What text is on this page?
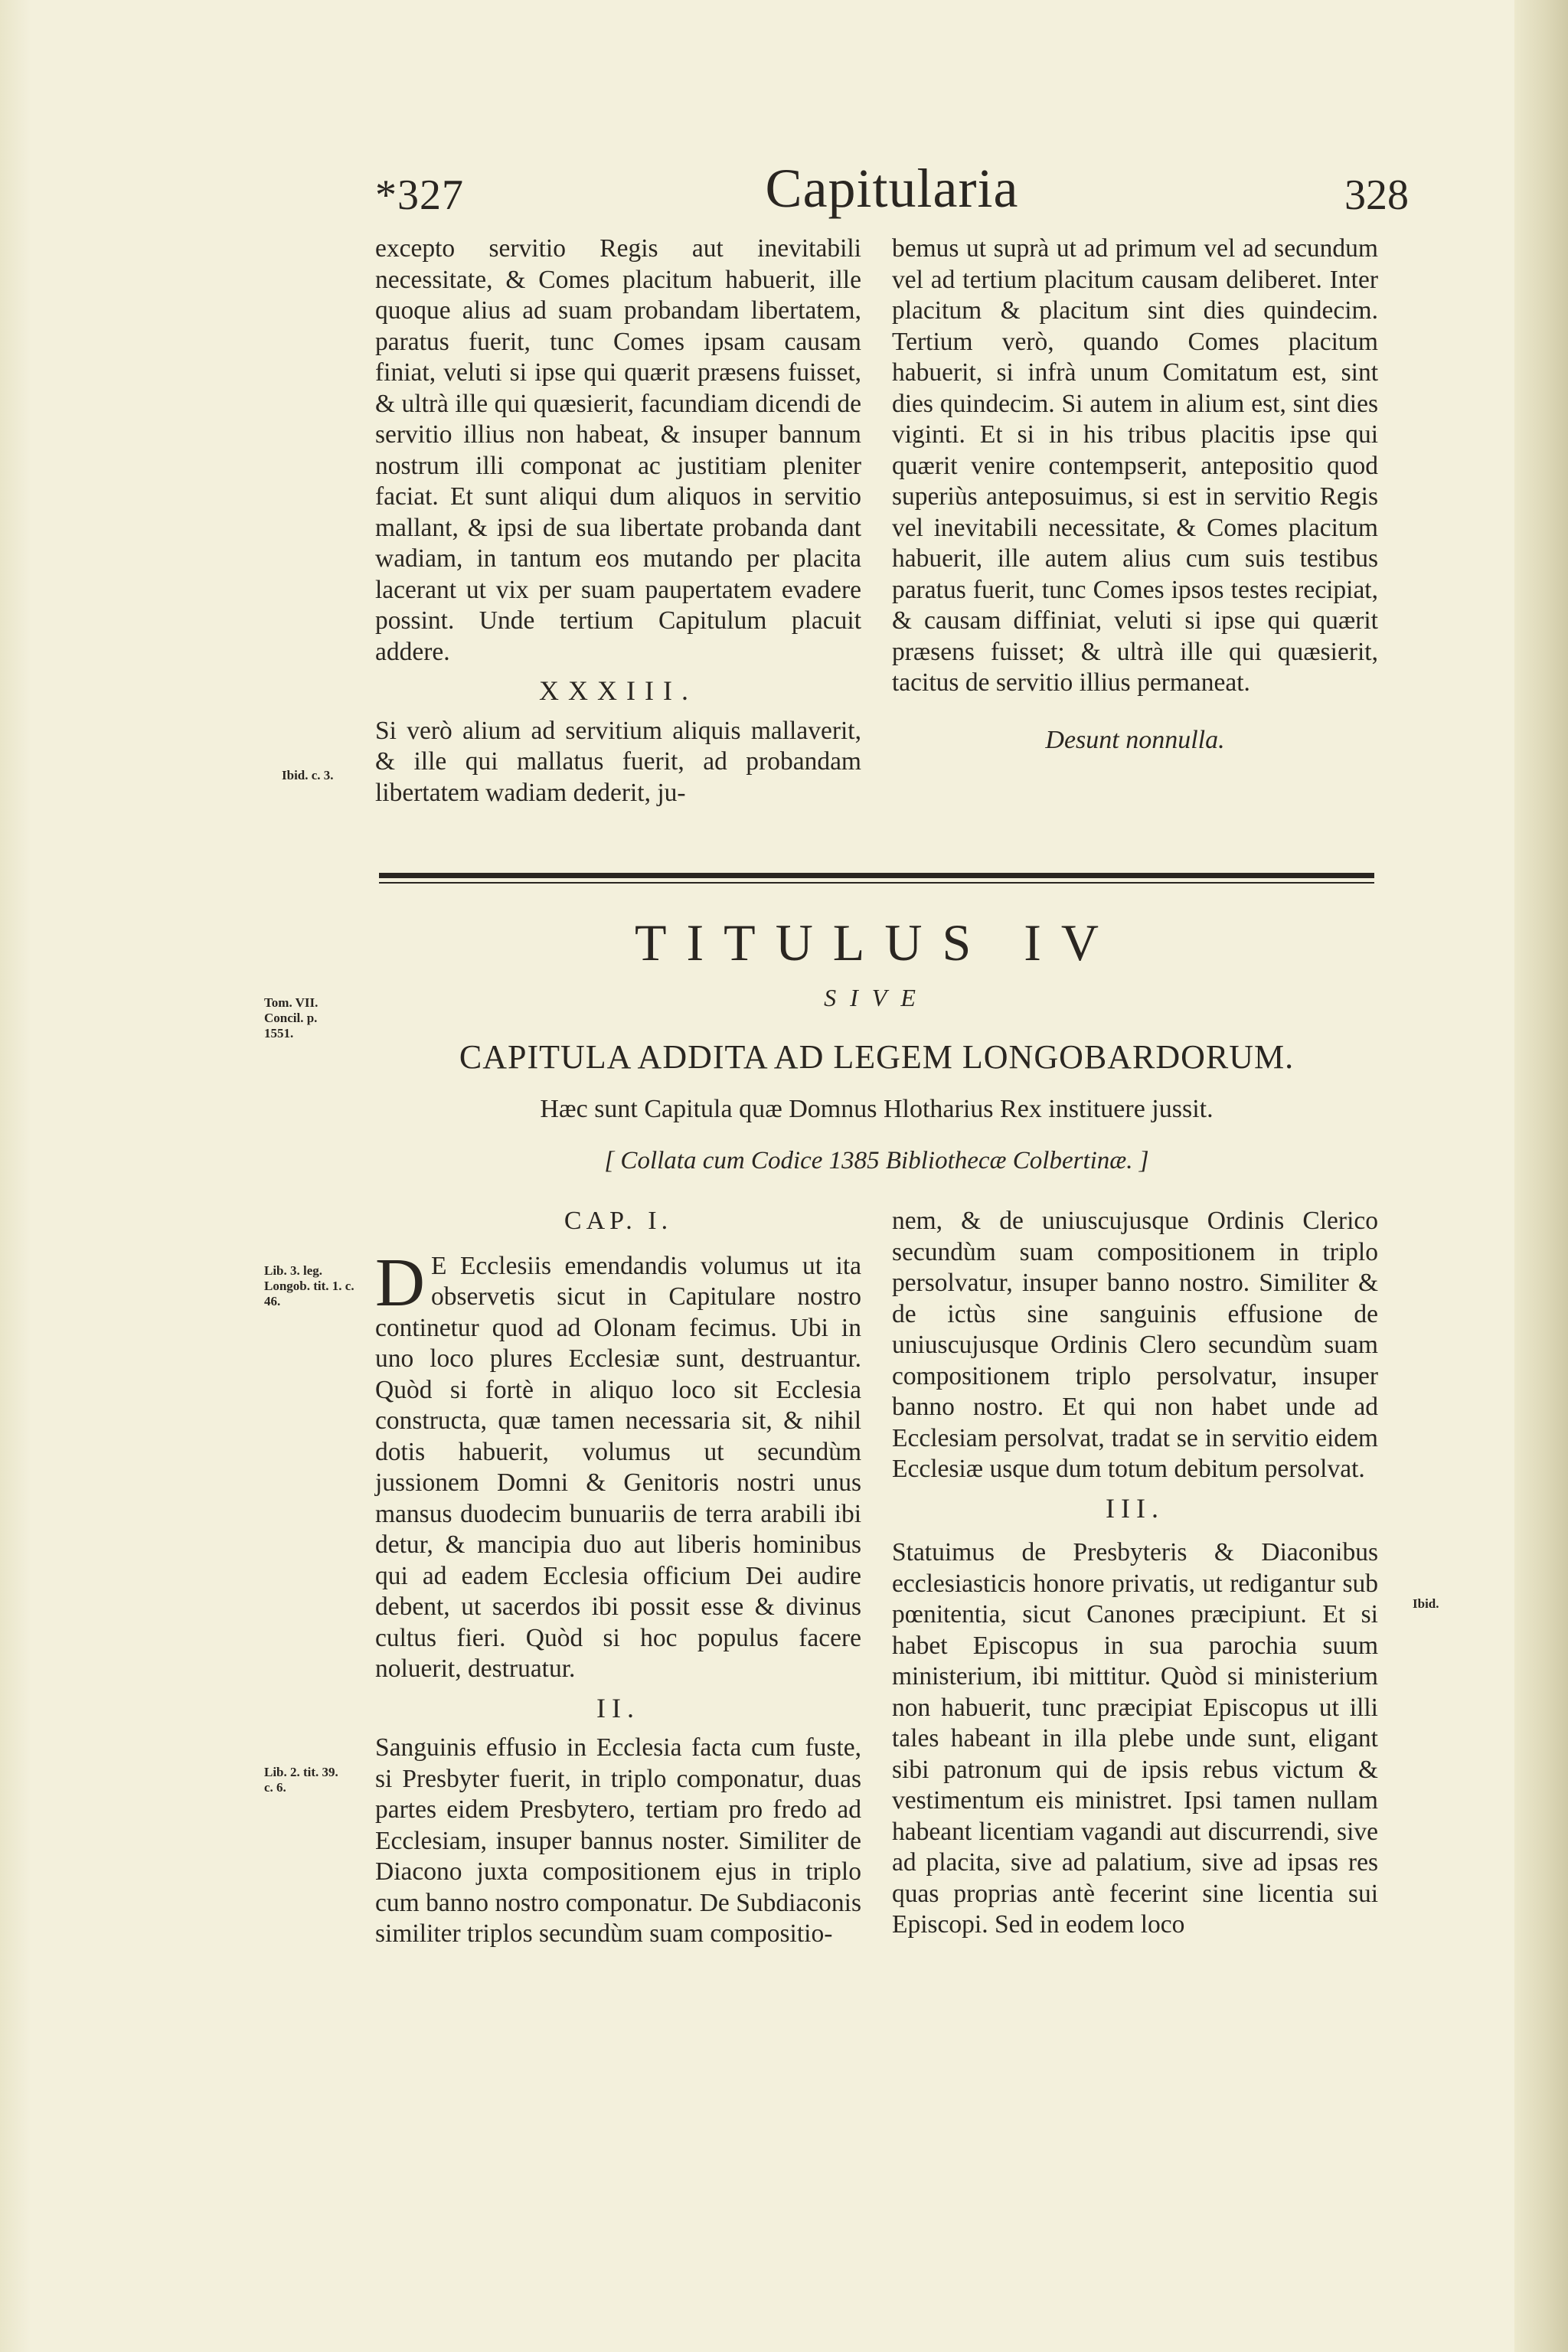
*327	Capitularia	328

excepto servitio Regis aut inevitabili necessitate, & Comes placitum habuerit, ille quoque alius ad suam probandam libertatem, paratus fuerit, tunc Comes ipsam causam finiat, veluti si ipse qui quærit præsens fuisset, & ultrà ille qui quæsierit, facundiam dicendi de servitio illius non habeat, & insuper bannum nostrum illi componat ac justitiam pleniter faciat. Et sunt aliqui dum aliquos in servitio mallant, & ipsi de sua libertate probanda dant wadiam, in tantum eos mutando per placita lacerant ut vix per suam paupertatem evadere possint. Unde tertium Capitulum placuit addere.

XXXIII.

Si verò alium ad servitium aliquis mallaverit, & ille qui mallatus fuerit, ad probandam libertatem wadiam dederit, ju-

bemus ut suprà ut ad primum vel ad secundum vel ad tertium placitum causam deliberet. Inter placitum & placitum sint dies quindecim. Tertium verò, quando Comes placitum habuerit, si infrà unum Comitatum est, sint dies quindecim. Si autem in alium est, sint dies viginti. Et si in his tribus placitis ipse qui quærit venire contempserit, antepositio quod superiùs anteposuimus, si est in servitio Regis vel inevitabili necessitate, & Comes placitum habuerit, ille autem alius cum suis testibus paratus fuerit, tunc Comes ipsos testes recipiat, & causam diffiniat, veluti si ipse qui quærit præsens fuisset; & ultrà ille qui quæsierit, tacitus de servitio illius permaneat.

Desunt nonnulla.
TITULUS IV
SIVE
CAPITULA ADDITA AD LEGEM LONGOBARDORUM.
Hæc sunt Capitula quæ Domnus Hlotharius Rex instituere jussit.
[ Collata cum Codice 1385 Bibliothecæ Colbertinæ. ]
CAP. I.

D E Ecclesiis emendandis volumus ut ita observetis sicut in Capitulare nostro continetur quod ad Olonam fecimus. Ubi in uno loco plures Ecclesiæ sunt, destruantur. Quòd si fortè in aliquo loco sit Ecclesia constructa, quæ tamen necessaria sit, & nihil dotis habuerit, volumus ut secundùm jussionem Domni & Genitoris nostri unus mansus duodecim bunuariis de terra arabili ibi detur, & mancipia duo aut liberis hominibus qui ad eadem Ecclesia officium Dei audire debent, ut sacerdos ibi possit esse & divinus cultus fieri. Quòd si hoc populus facere noluerit, destruatur.

II.

Sanguinis effusio in Ecclesia facta cum fuste, si Presbyter fuerit, in triplo componatur, duas partes eidem Presbytero, tertiam pro fredo ad Ecclesiam, insuper bannus noster. Similiter de Diacono juxta compositionem ejus in triplo cum banno nostro componatur. De Subdiaconis similiter triplos secundùm suam compositio-

nem, & de uniuscujusque Ordinis Clerico secundùm suam compositionem in triplo persolvatur, insuper banno nostro. Similiter & de ictùs sine sanguinis effusione de uniuscujusque Ordinis Clero secundùm suam compositionem triplo persolvatur, insuper banno nostro. Et qui non habet unde ad Ecclesiam persolvat, tradat se in servitio eidem Ecclesiæ usque dum totum debitum persolvat.

III.

Statuimus de Presbyteris & Diaconibus ecclesiasticis honore privatis, ut redigantur sub pœnitentia, sicut Canones præcipiunt. Et si habet Episcopus in sua parochia suum ministerium, ibi mittitur. Quòd si ministerium non habuerit, tunc præcipiat Episcopus ut illi tales habeant in illa plebe unde sunt, eligant sibi patronum qui de ipsis rebus victum & vestimentum eis ministret. Ipsi tamen nullam habeant licentiam vagandi aut discurrendi, sive ad placita, sive ad palatium, sive ad ipsas res quas proprias antè fecerint sine licentia sui Episcopi. Sed in eodem loco

Ibid. c. 3.
Tom. VII. Concil. p. 1551.
Lib. 3. leg. Longob. tit. 1. c. 46.
Lib. 2. tit. 39. c. 6.
Ibid.
